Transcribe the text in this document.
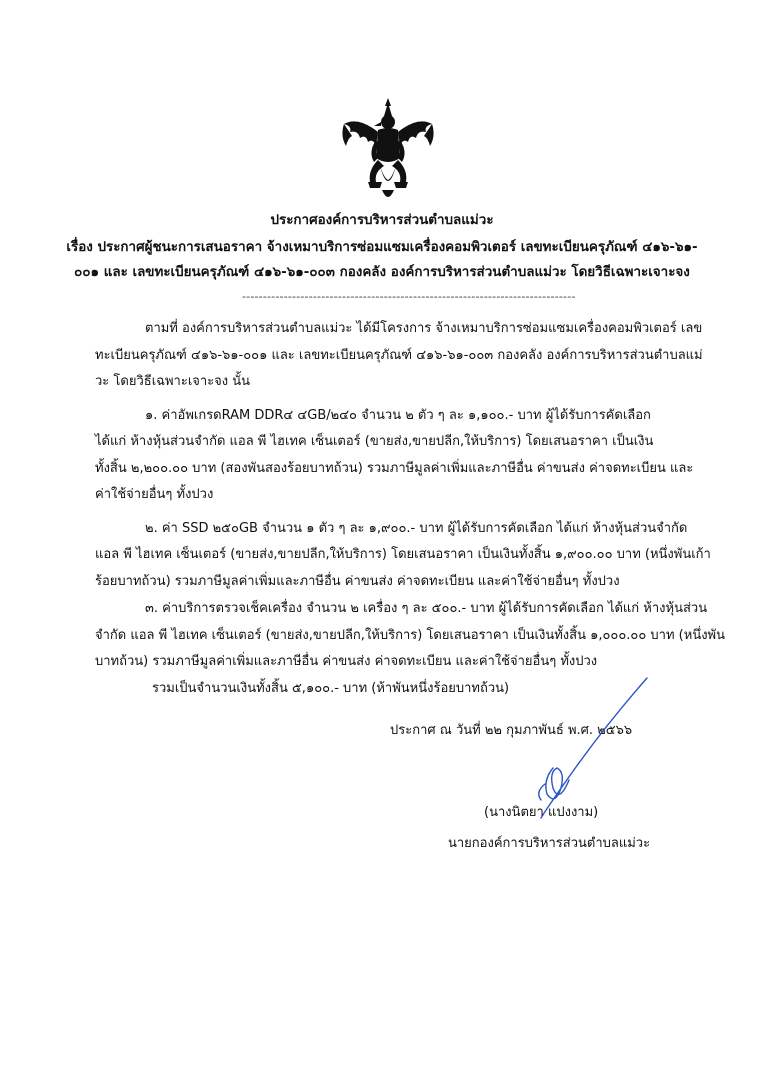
ประกาศองค์การบริหารส่วนตำบลแม่วะ
เรื่อง ประกาศผู้ชนะการเสนอราคา จ้างเหมาบริการซ่อมแซมเครื่องคอมพิวเตอร์ เลขทะเบียนครุภัณฑ์ ๔๑๖-๖๑-
๐๐๑ และ เลขทะเบียนครุภัณฑ์ ๔๑๖-๖๑-๐๐๓ กองคลัง องค์การบริหารส่วนตำบลแม่วะ โดยวิธีเฉพาะเจาะจง
--------------------------------------------------------------------------------
ตามที่ องค์การบริหารส่วนตำบลแม่วะ ได้มีโครงการ จ้างเหมาบริการซ่อมแซมเครื่องคอมพิวเตอร์ เลข
ทะเบียนครุภัณฑ์ ๔๑๖-๖๑-๐๐๑ และ เลขทะเบียนครุภัณฑ์ ๔๑๖-๖๑-๐๐๓ กองคลัง องค์การบริหารส่วนตำบลแม่
วะ โดยวิธีเฉพาะเจาะจง นั้น
๑. ค่าอัพเกรดRAM DDR๔ ๔GB/๒๔๐ จำนวน ๒ ตัว ๆ ละ ๑,๑๐๐.- บาท ผู้ได้รับการคัดเลือก
ได้แก่ ห้างหุ้นส่วนจำกัด แอล พี ไฮเทค เซ็นเตอร์ (ขายส่ง,ขายปลีก,ให้บริการ) โดยเสนอราคา เป็นเงิน
ทั้งสิ้น ๒,๒๐๐.๐๐ บาท (สองพันสองร้อยบาทถ้วน) รวมภาษีมูลค่าเพิ่มและภาษีอื่น ค่าขนส่ง ค่าจดทะเบียน และ
ค่าใช้จ่ายอื่นๆ ทั้งปวง
๒. ค่า SSD ๒๕๐GB จำนวน ๑ ตัว ๆ ละ ๑,๙๐๐.- บาท ผู้ได้รับการคัดเลือก ได้แก่ ห้างหุ้นส่วนจำกัด
แอล พี ไฮเทค เซ็นเตอร์ (ขายส่ง,ขายปลีก,ให้บริการ) โดยเสนอราคา เป็นเงินทั้งสิ้น ๑,๙๐๐.๐๐ บาท (หนึ่งพันเก้า
ร้อยบาทถ้วน) รวมภาษีมูลค่าเพิ่มและภาษีอื่น ค่าขนส่ง ค่าจดทะเบียน และค่าใช้จ่ายอื่นๆ ทั้งปวง
๓. ค่าบริการตรวจเช็คเครื่อง จำนวน ๒ เครื่อง ๆ ละ ๕๐๐.- บาท ผู้ได้รับการคัดเลือก ได้แก่ ห้างหุ้นส่วน
จำกัด แอล พี ไฮเทค เซ็นเตอร์ (ขายส่ง,ขายปลีก,ให้บริการ) โดยเสนอราคา เป็นเงินทั้งสิ้น ๑,๐๐๐.๐๐ บาท (หนึ่งพัน
บาทถ้วน) รวมภาษีมูลค่าเพิ่มและภาษีอื่น ค่าขนส่ง ค่าจดทะเบียน และค่าใช้จ่ายอื่นๆ ทั้งปวง
รวมเป็นจำนวนเงินทั้งสิ้น ๕,๑๐๐.- บาท (ห้าพันหนึ่งร้อยบาทถ้วน)
ประกาศ ณ วันที่ ๒๒ กุมภาพันธ์ พ.ศ. ๒๕๖๖
(นางนิตยา แปงงาม)
นายกองค์การบริหารส่วนตำบลแม่วะ
